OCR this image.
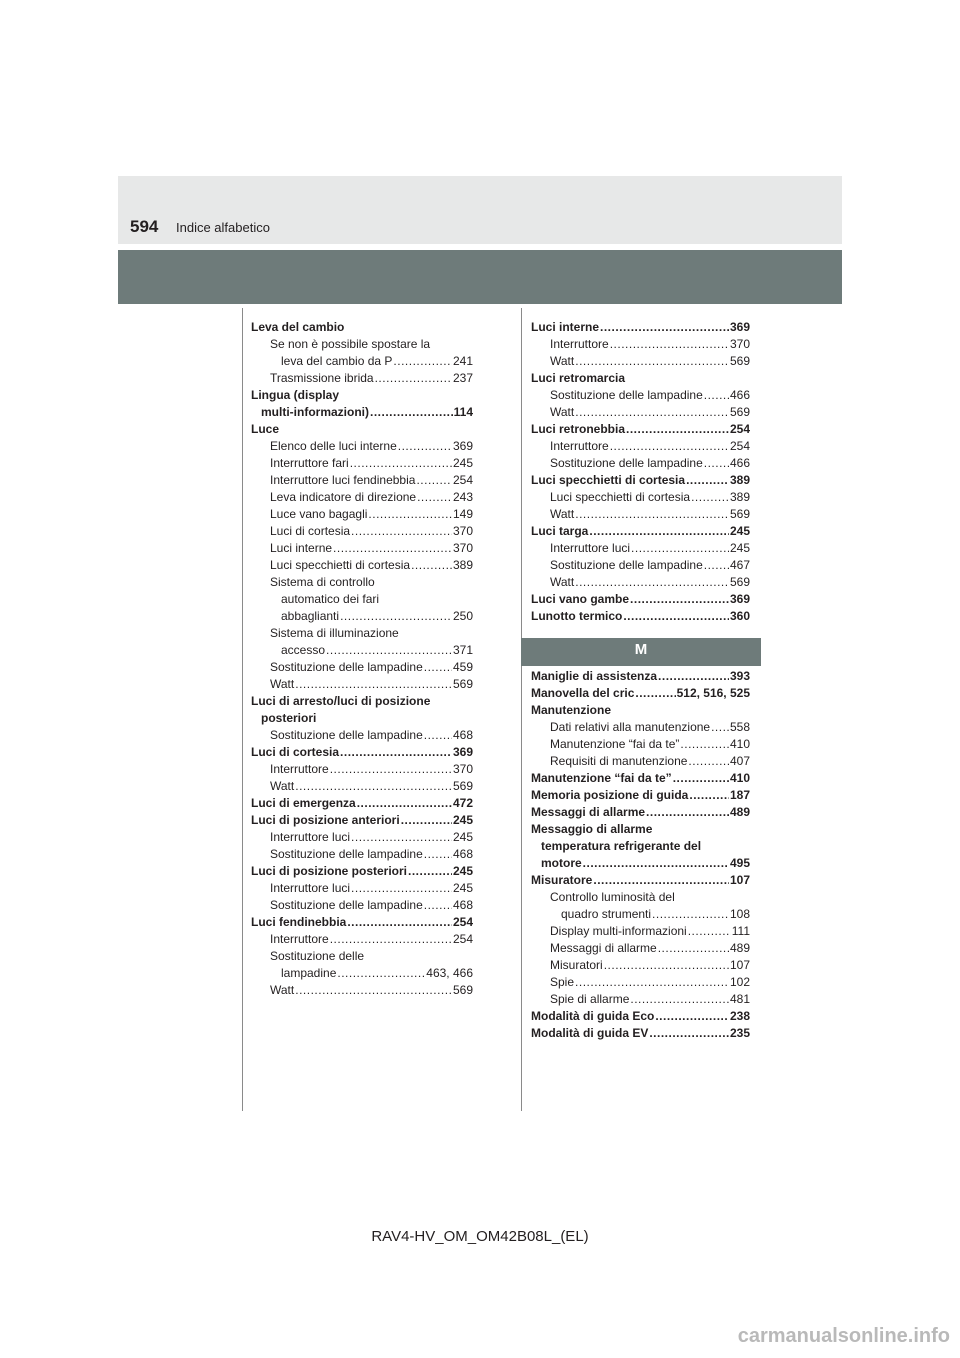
594 Indice alfabetico
Leva del cambio
Se non è possibile spostare la
leva del cambio da P .....	241
Trasmissione ibrida .....	237
Lingua (display
multi-informazioni) .....	114
Luce
Elenco delle luci interne .....	369
Interruttore fari .....	245
Interruttore luci fendinebbia .....	254
Leva indicatore di direzione .....	243
Luce vano bagagli .....	149
Luci di cortesia .....	370
Luci interne .....	370
Luci specchietti di cortesia .....	389
Sistema di controllo
automatico dei fari
abbaglianti .....	250
Sistema di illuminazione
accesso .....	371
Sostituzione delle lampadine .....	459
Watt .....	569
Luci di arresto/luci di posizione
posteriori
Sostituzione delle lampadine .....	468
Luci di cortesia .....	369
Interruttore .....	370
Watt .....	569
Luci di emergenza .....	472
Luci di posizione anteriori .....	245
Interruttore luci .....	245
Sostituzione delle lampadine .....	468
Luci di posizione posteriori .....	245
Interruttore luci .....	245
Sostituzione delle lampadine .....	468
Luci fendinebbia .....	254
Interruttore .....	254
Sostituzione delle
lampadine .....	463, 466
Watt .....	569
Luci interne .....	369
Interruttore .....	370
Watt .....	569
Luci retromarcia
Sostituzione delle lampadine ..... 466
Watt .....	569
Luci retronebbia .....	254
Interruttore .....	254
Sostituzione delle lampadine ..... 466
Luci specchietti di cortesia .....	389
Luci specchietti di cortesia .....	389
Watt .....	569
Luci targa .....	245
Interruttore luci .....	245
Sostituzione delle lampadine ..... 467
Watt .....	569
Luci vano gambe .....	369
Lunotto termico .....	360
M
Maniglie di assistenza .....	393
Manovella del cric .....	512, 516, 525
Manutenzione
Dati relativi alla manutenzione ..... 558
Manutenzione “fai da te” .....	410
Requisiti di manutenzione .....	407
Manutenzione “fai da te” .....	410
Memoria posizione di guida .....	187
Messaggi di allarme .....	489
Messaggio di allarme
temperatura refrigerante del
motore .....	495
Misuratore .....	107
Controllo luminosità del
quadro strumenti .....	108
Display multi-informazioni .....	111
Messaggi di allarme .....	489
Misuratori .....	107
Spie .....	102
Spie di allarme .....	481
Modalità di guida Eco .....	238
Modalità di guida EV .....	235
RAV4-HV_OM_OM42B08L_(EL)
carmanualsonline.info
